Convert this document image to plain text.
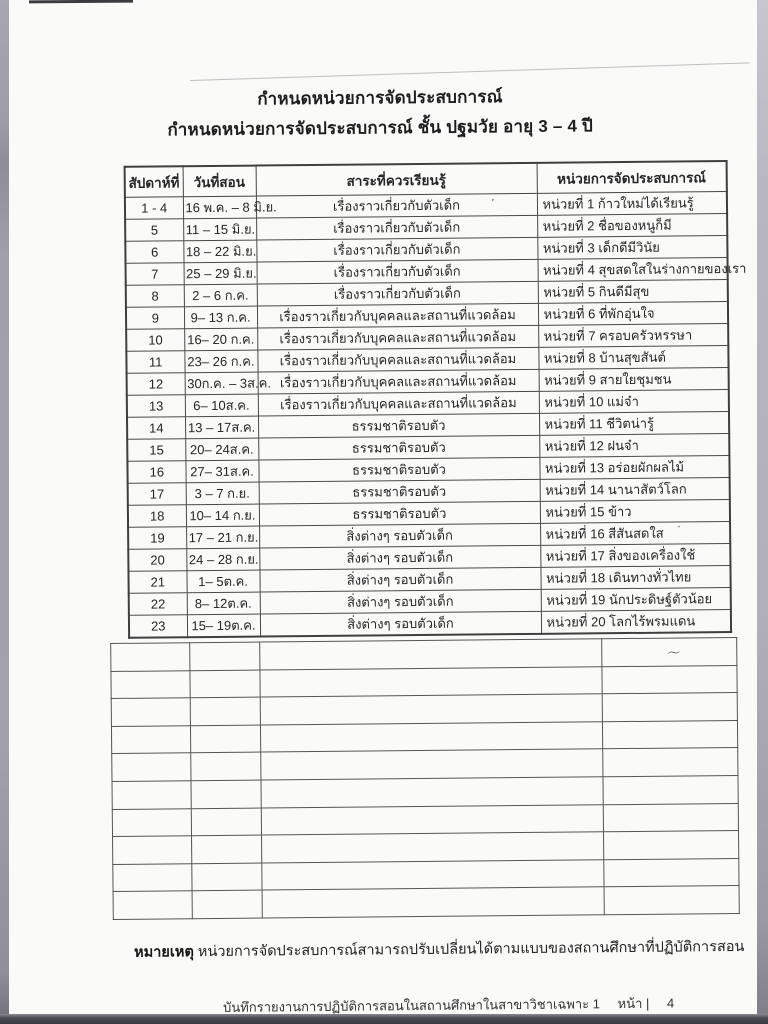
กำหนดหน่วยการจัดประสบการณ์
กำหนดหน่วยการจัดประสบการณ์ ชั้น ปฐมวัย อายุ 3 – 4 ปี
สัปดาห์ที่	วันที่สอน	สาระที่ควรเรียนรู้	หน่วยการจัดประสบการณ์
1 - 4	16 พ.ค. – 8 มิ.ย.	เรื่องราวเกี่ยวกับตัวเด็ก	หน่วยที่ 1 ก้าวใหม่ได้เรียนรู้
5	11 – 15 มิ.ย.	เรื่องราวเกี่ยวกับตัวเด็ก	หน่วยที่ 2 ชื่อของหนูก็มี
6	18 – 22 มิ.ย.	เรื่องราวเกี่ยวกับตัวเด็ก	หน่วยที่ 3 เด็กดีมีวินัย
7	25 – 29 มิ.ย.	เรื่องราวเกี่ยวกับตัวเด็ก	หน่วยที่ 4 สุขสดใสในร่างกายของเรา
8	2 – 6 ก.ค.	เรื่องราวเกี่ยวกับตัวเด็ก	หน่วยที่ 5 กินดีมีสุข
9	9– 13 ก.ค.	เรื่องราวเกี่ยวกับบุคคลและสถานที่แวดล้อม	หน่วยที่ 6 ที่พักอุ่นใจ
10	16– 20 ก.ค.	เรื่องราวเกี่ยวกับบุคคลและสถานที่แวดล้อม	หน่วยที่ 7 ครอบครัวหรรษา
11	23– 26 ก.ค.	เรื่องราวเกี่ยวกับบุคคลและสถานที่แวดล้อม	หน่วยที่ 8 บ้านสุขสันต์
12	30ก.ค. – 3ส.ค.	เรื่องราวเกี่ยวกับบุคคลและสถานที่แวดล้อม	หน่วยที่ 9 สายใยชุมชน
13	6– 10ส.ค.	เรื่องราวเกี่ยวกับบุคคลและสถานที่แวดล้อม	หน่วยที่ 10 แม่จ๋า
14	13 – 17ส.ค.	ธรรมชาติรอบตัว	หน่วยที่ 11 ชีวิตน่ารู้
15	20– 24ส.ค.	ธรรมชาติรอบตัว	หน่วยที่ 12 ฝนจ๋า
16	27– 31ส.ค.	ธรรมชาติรอบตัว	หน่วยที่ 13 อร่อยผักผลไม้
17	3 – 7 ก.ย.	ธรรมชาติรอบตัว	หน่วยที่ 14 นานาสัตว์โลก
18	10– 14 ก.ย.	ธรรมชาติรอบตัว	หน่วยที่ 15 ข้าว
19	17 – 21 ก.ย.	สิ่งต่างๆ รอบตัวเด็ก	หน่วยที่ 16 สีสันสดใส
20	24 – 28 ก.ย.	สิ่งต่างๆ รอบตัวเด็ก	หน่วยที่ 17 สิ่งของเครื่องใช้
21	1– 5ต.ค.	สิ่งต่างๆ รอบตัวเด็ก	หน่วยที่ 18 เดินทางทั่วไทย
22	8– 12ต.ค.	สิ่งต่างๆ รอบตัวเด็ก	หน่วยที่ 19 นักประดิษฐ์ตัวน้อย
23	15– 19ต.ค.	สิ่งต่างๆ รอบตัวเด็ก	หน่วยที่ 20 โลกไร้พรมแดน
’
ˇ

〜
หมายเหตุ หน่วยการจัดประสบการณ์สามารถปรับเปลี่ยนได้ตามแบบของสถานศึกษาที่ปฏิบัติการสอน
บันทึกรายงานการปฏิบัติการสอนในสถานศึกษาในสาขาวิชาเฉพาะ 1 หน้า | 4
